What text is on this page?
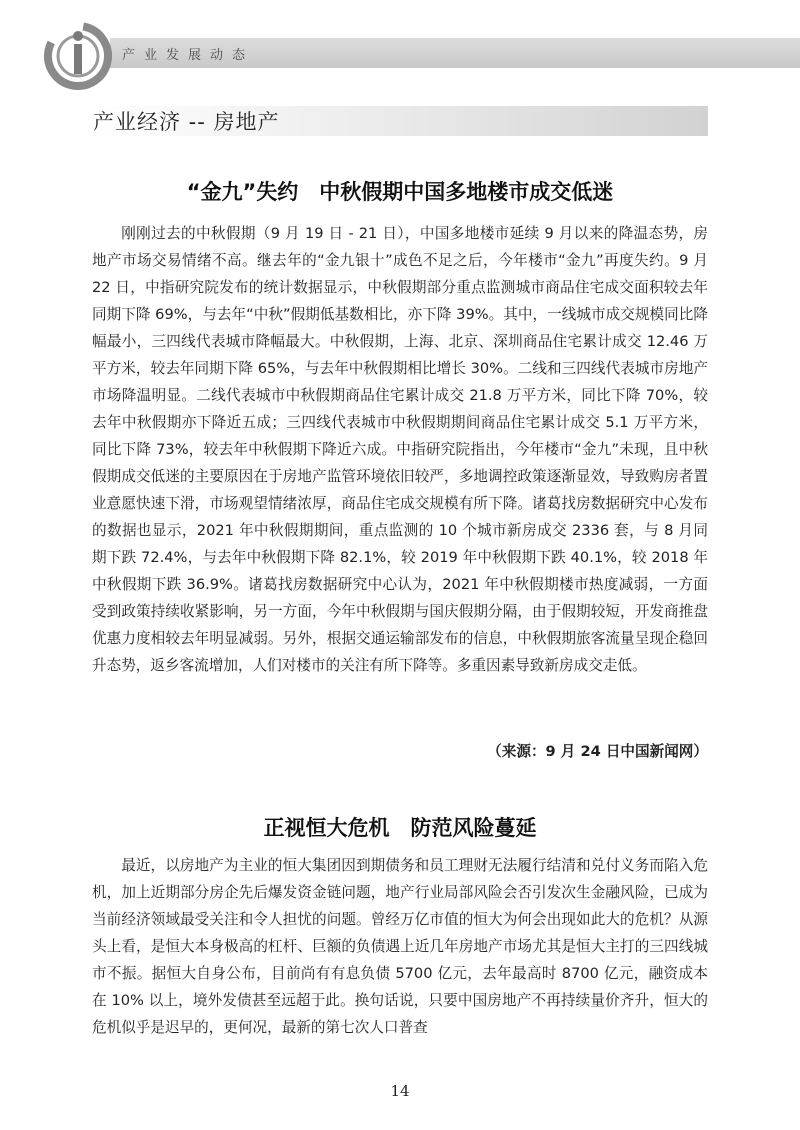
产业发展动态
产业经济 -- 房地产
“金九”失约　中秋假期中国多地楼市成交低迷

刚刚过去的中秋假期（9 月 19 日 - 21 日），中国多地楼市延续 9 月以来的降温态势，房地产市场交易情绪不高。继去年的“金九银十”成色不足之后，今年楼市“金九”再度失约。9 月 22 日，中指研究院发布的统计数据显示，中秋假期部分重点监测城市商品住宅成交面积较去年同期下降 69%，与去年“中秋”假期低基数相比，亦下降 39%。其中，一线城市成交规模同比降幅最小，三四线代表城市降幅最大。中秋假期，上海、北京、深圳商品住宅累计成交 12.46 万平方米，较去年同期下降 65%，与去年中秋假期相比增长 30%。二线和三四线代表城市房地产市场降温明显。二线代表城市中秋假期商品住宅累计成交 21.8 万平方米，同比下降 70%，较去年中秋假期亦下降近五成；三四线代表城市中秋假期期间商品住宅累计成交 5.1 万平方米，同比下降 73%，较去年中秋假期下降近六成。中指研究院指出，今年楼市“金九”未现，且中秋假期成交低迷的主要原因在于房地产监管环境依旧较严，多地调控政策逐渐显效，导致购房者置业意愿快速下滑，市场观望情绪浓厚，商品住宅成交规模有所下降。诸葛找房数据研究中心发布的数据也显示，2021 年中秋假期期间，重点监测的 10 个城市新房成交 2336 套，与 8 月同期下跌 72.4%，与去年中秋假期下降 82.1%，较 2019 年中秋假期下跌 40.1%，较 2018 年中秋假期下跌 36.9%。诸葛找房数据研究中心认为，2021 年中秋假期楼市热度减弱，一方面受到政策持续收紧影响，另一方面，今年中秋假期与国庆假期分隔，由于假期较短，开发商推盘优惠力度相较去年明显减弱。另外，根据交通运输部发布的信息，中秋假期旅客流量呈现企稳回升态势，返乡客流增加，人们对楼市的关注有所下降等。多重因素导致新房成交走低。

（来源：9 月 24 日中国新闻网）
正视恒大危机　防范风险蔓延

最近，以房地产为主业的恒大集团因到期债务和员工理财无法履行结清和兑付义务而陷入危机，加上近期部分房企先后爆发资金链问题，地产行业局部风险会否引发次生金融风险，已成为当前经济领域最受关注和令人担忧的问题。曾经万亿市值的恒大为何会出现如此大的危机？从源头上看，是恒大本身极高的杠杆、巨额的负债遇上近几年房地产市场尤其是恒大主打的三四线城市不振。据恒大自身公布，目前尚有有息负债 5700 亿元，去年最高时 8700 亿元，融资成本在 10% 以上，境外发债甚至远超于此。换句话说，只要中国房地产不再持续量价齐升，恒大的危机似乎是迟早的，更何况，最新的第七次人口普查

14
